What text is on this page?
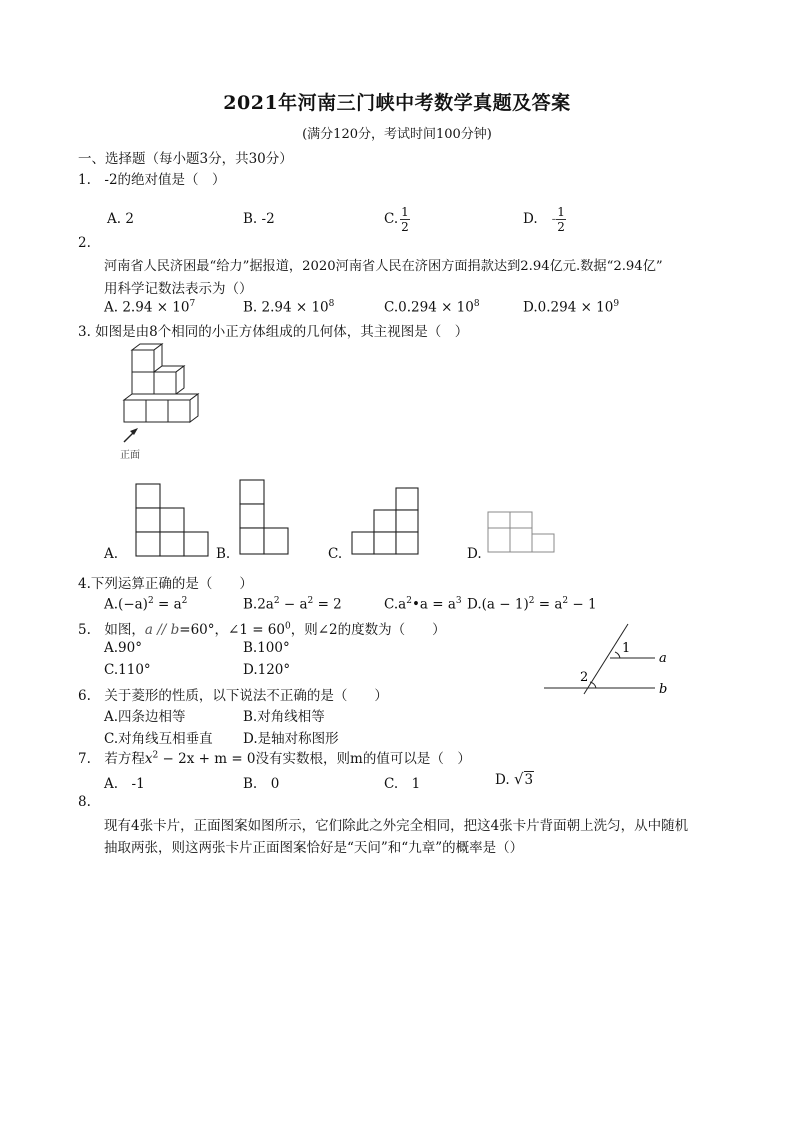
2021年河南三门峡中考数学真题及答案
(满分120分，考试时间100分钟)
一、选择题（每小题3分，共30分）
1.　-2的绝对值是（　）
A. 2	B. -2	C. $\frac{1}{2}$	D. - $\frac{1}{2}$
2.
河南省人民济困最“给力”据报道，2020河南省人民在济困方面捐款达到2.94亿元.数据“2.94亿”
用科学记数法表示为（）
A. $2.94 \times 10^7$	B. $2.94 \times 10^8$	$C.0.294 \times 10^8$	$D.0.294 \times 10^9$
3. 如图是由8个相同的小正方体组成的几何体，其主视图是（　）
正面
A.	B.	C.	D.
4.下列运算正确的是（　　）
$A.(-a)^2 = a^2$	$B.2a^2 - a^2 = 2$	$C.a^2•a = a^3$ $D.(a - 1)^2 = a^2 - 1$
5.　如图，a // b=60°，∠1 = $60^0$，则∠2的度数为（　　）
A.90°	B.100°
C.110°	D.120°
1
2
a
b
6.　关于菱形的性质，以下说法不正确的是（　　）
A.四条边相等	B.对角线相等
C.对角线互相垂直 D.是轴对称图形
7.　若方程$x^2 - 2x + m = 0$没有实数根，则m的值可以是（　）
A.　-1	B.　0	C.　1	D. √3
8.
现有4张卡片，正面图案如图所示，它们除此之外完全相同，把这4张卡片背面朝上洗匀，从中随机
抽取两张，则这两张卡片正面图案恰好是“天问”和“九章”的概率是（）
